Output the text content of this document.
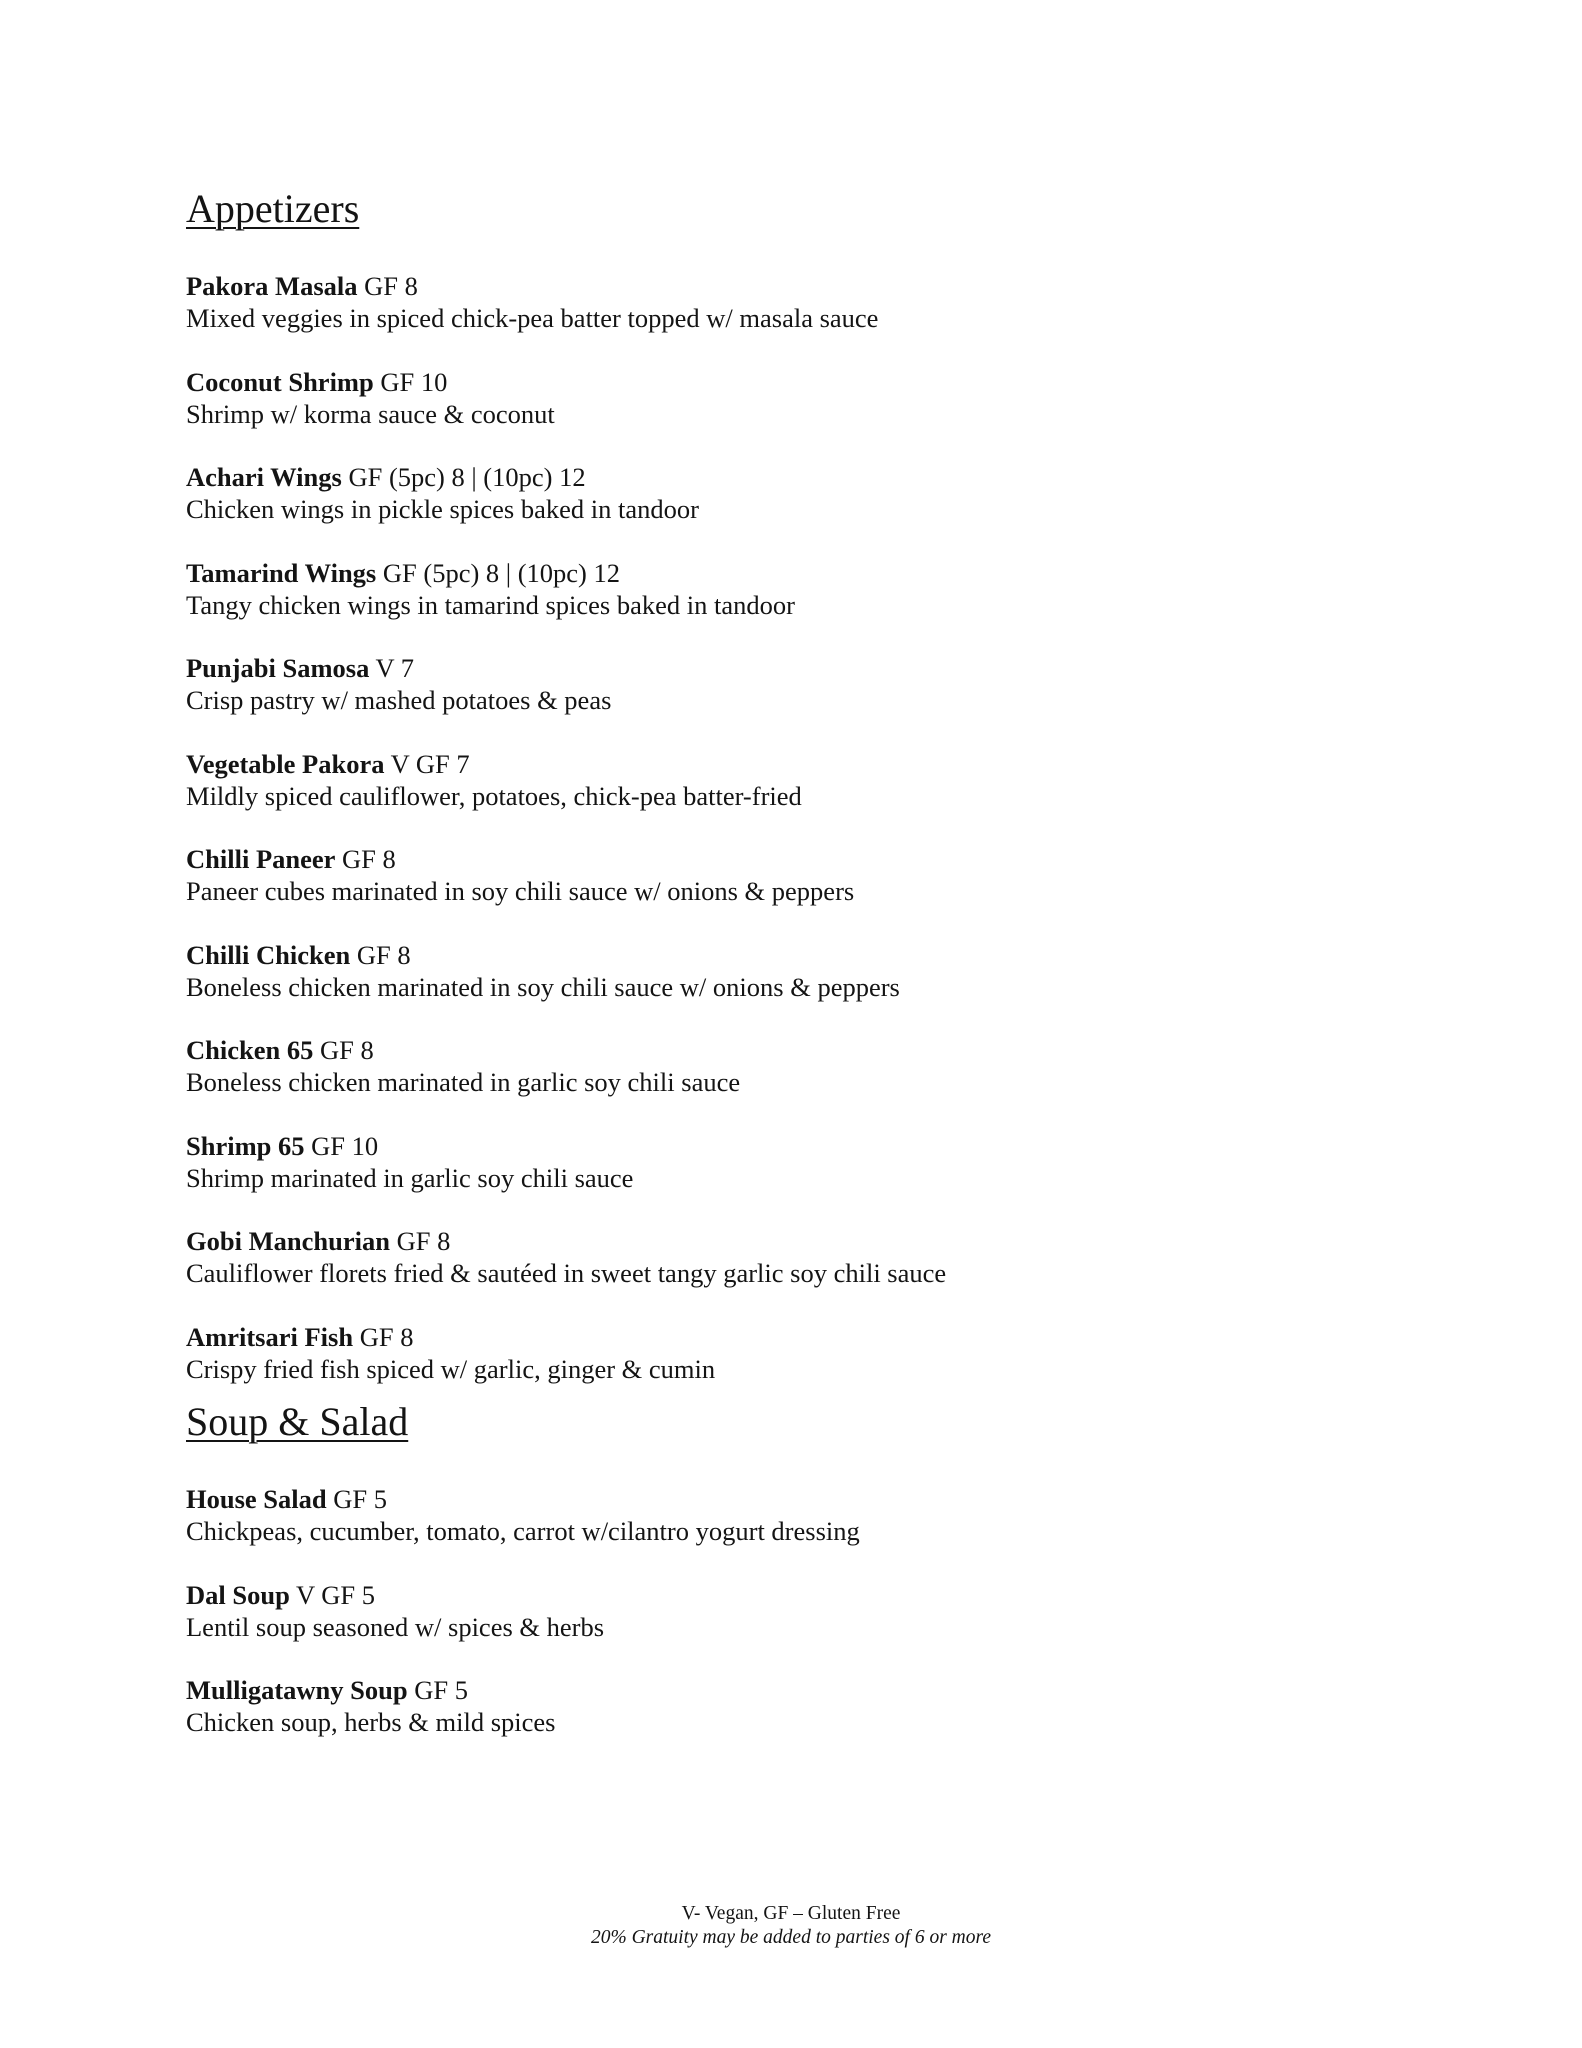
Appetizers
Pakora Masala GF 8
Mixed veggies in spiced chick-pea batter topped w/ masala sauce
Coconut Shrimp GF 10
Shrimp w/ korma sauce & coconut
Achari Wings GF (5pc) 8 | (10pc) 12
Chicken wings in pickle spices baked in tandoor
Tamarind Wings GF (5pc) 8 | (10pc) 12
Tangy chicken wings in tamarind spices baked in tandoor
Punjabi Samosa V 7
Crisp pastry w/ mashed potatoes & peas
Vegetable Pakora V GF 7
Mildly spiced cauliflower, potatoes, chick-pea batter-fried
Chilli Paneer GF 8
Paneer cubes marinated in soy chili sauce w/ onions & peppers
Chilli Chicken GF 8
Boneless chicken marinated in soy chili sauce w/ onions & peppers
Chicken 65 GF 8
Boneless chicken marinated in garlic soy chili sauce
Shrimp 65 GF 10
Shrimp marinated in garlic soy chili sauce
Gobi Manchurian GF 8
Cauliflower florets fried & sautéed in sweet tangy garlic soy chili sauce
Amritsari Fish GF 8
Crispy fried fish spiced w/ garlic, ginger & cumin
Soup & Salad
House Salad GF 5
Chickpeas, cucumber, tomato, carrot w/cilantro yogurt dressing
Dal Soup V GF 5
Lentil soup seasoned w/ spices & herbs
Mulligatawny Soup GF 5
Chicken soup, herbs & mild spices
V- Vegan, GF – Gluten Free
20% Gratuity may be added to parties of 6 or more
